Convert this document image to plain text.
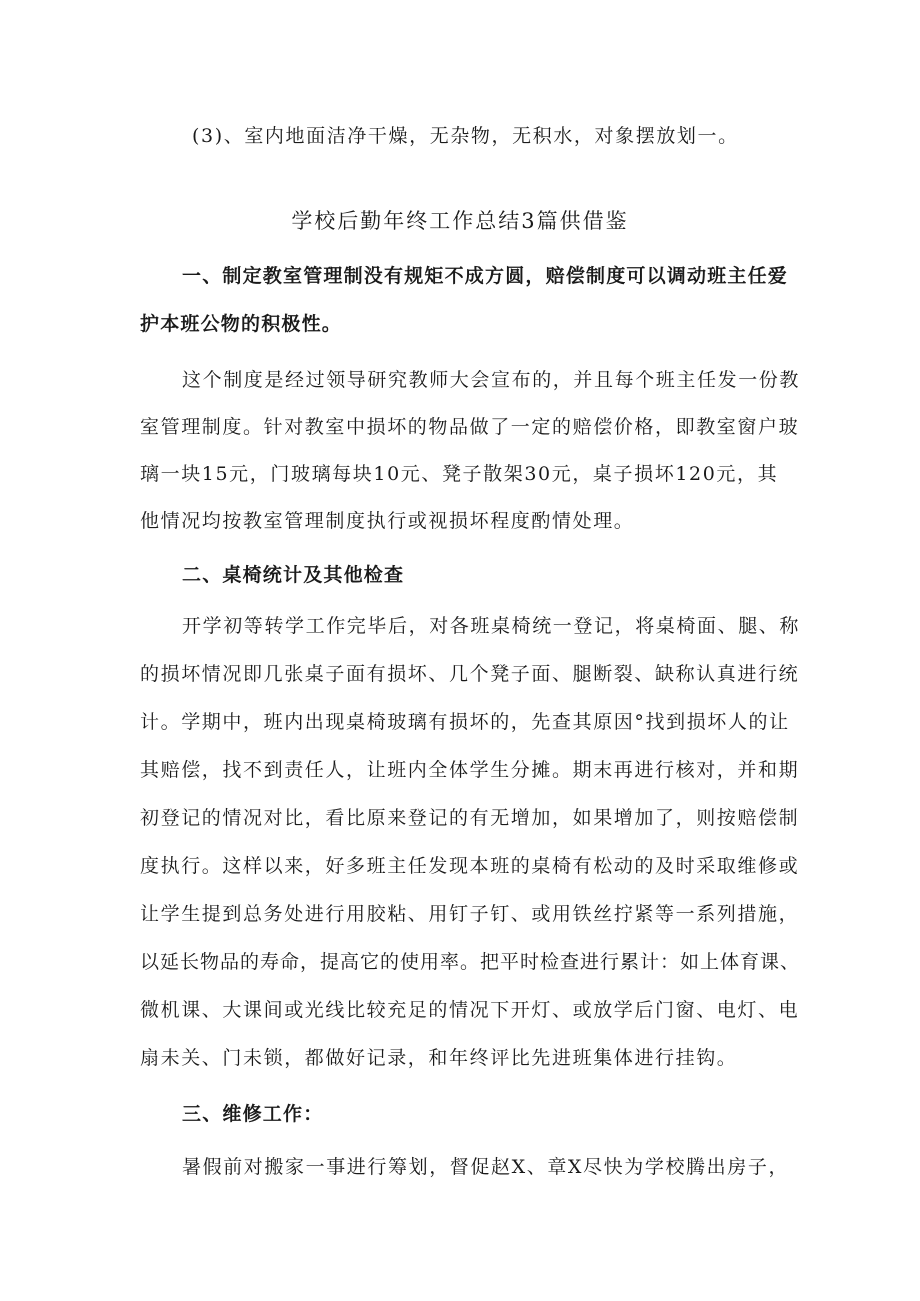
(3)、室内地面洁净干燥，无杂物，无积水，对象摆放划一。
学校后勤年终工作总结3篇供借鉴
一、制定教室管理制没有规矩不成方圆，赔偿制度可以调动班主任爱
护本班公物的积极性。
这个制度是经过领导研究教师大会宣布的，并且每个班主任发一份教
室管理制度。针对教室中损坏的物品做了一定的赔偿价格，即教室窗户玻
璃一块15元，门玻璃每块10元、凳子散架30元，桌子损坏120元，其
他情况均按教室管理制度执行或视损坏程度酌情处理。
二、桌椅统计及其他检查
开学初等转学工作完毕后，对各班桌椅统一登记，将桌椅面、腿、称
的损坏情况即几张桌子面有损坏、几个凳子面、腿断裂、缺称认真进行统
计。学期中，班内出现桌椅玻璃有损坏的，先查其原因°找到损坏人的让
其赔偿，找不到责任人，让班内全体学生分摊。期末再进行核对，并和期
初登记的情况对比，看比原来登记的有无增加，如果增加了，则按赔偿制
度执行。这样以来，好多班主任发现本班的桌椅有松动的及时采取维修或
让学生提到总务处进行用胶粘、用钉子钉、或用铁丝拧紧等一系列措施，
以延长物品的寿命，提高它的使用率。把平时检查进行累计：如上体育课、
微机课、大课间或光线比较充足的情况下开灯、或放学后门窗、电灯、电
扇未关、门未锁，都做好记录，和年终评比先进班集体进行挂钩。
三、维修工作：
暑假前对搬家一事进行筹划，督促赵X、章X尽快为学校腾出房子，
